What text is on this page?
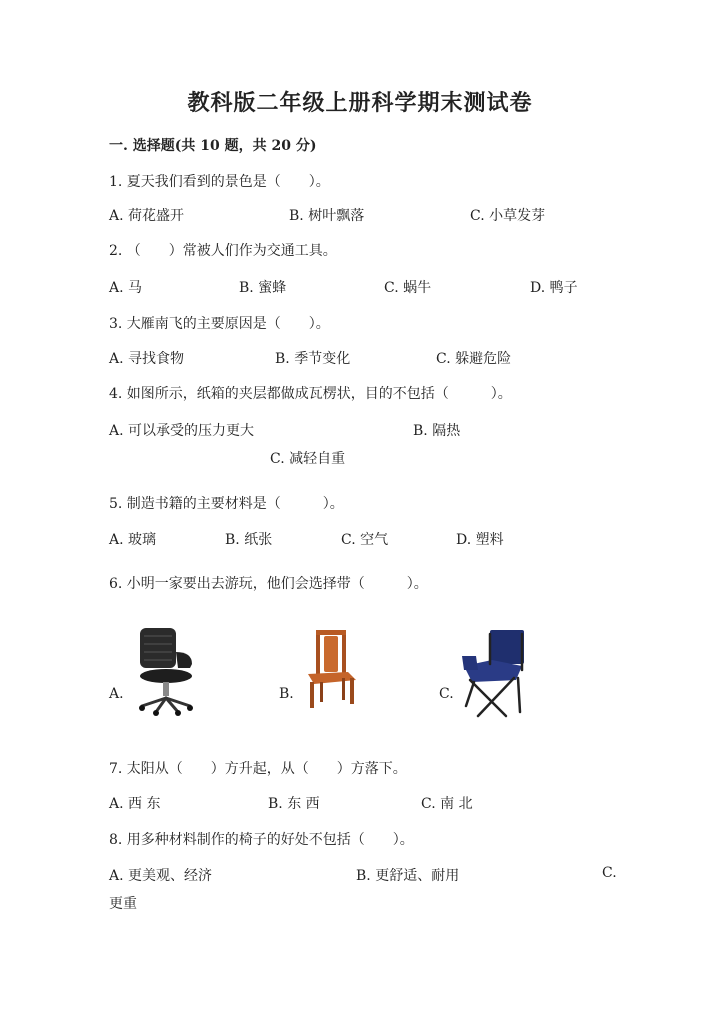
教科版二年级上册科学期末测试卷
一. 选择题(共 10 题，共 20 分)
1. 夏天我们看到的景色是（　　）。
A. 荷花盛开	B. 树叶飘落	C. 小草发芽
2. （　　）常被人们作为交通工具。
A. 马	B. 蜜蜂	C. 蜗牛	D. 鸭子
3. 大雁南飞的主要原因是（　　）。
A. 寻找食物	B. 季节变化	C. 躲避危险
4. 如图所示，纸箱的夹层都做成瓦楞状，目的不包括（　　　）。
A. 可以承受的压力更大	B. 隔热
C. 减轻自重
5. 制造书籍的主要材料是（　　　）。
A. 玻璃	B. 纸张	C. 空气	D. 塑料
6. 小明一家要出去游玩，他们会选择带（　　　）。
A.	B.	C.
7. 太阳从（　　）方升起，从（　　）方落下。
A. 西 东	B. 东 西	C. 南 北
8. 用多种材料制作的椅子的好处不包括（　　）。
A. 更美观、经济	B. 更舒适、耐用	C.
更重
